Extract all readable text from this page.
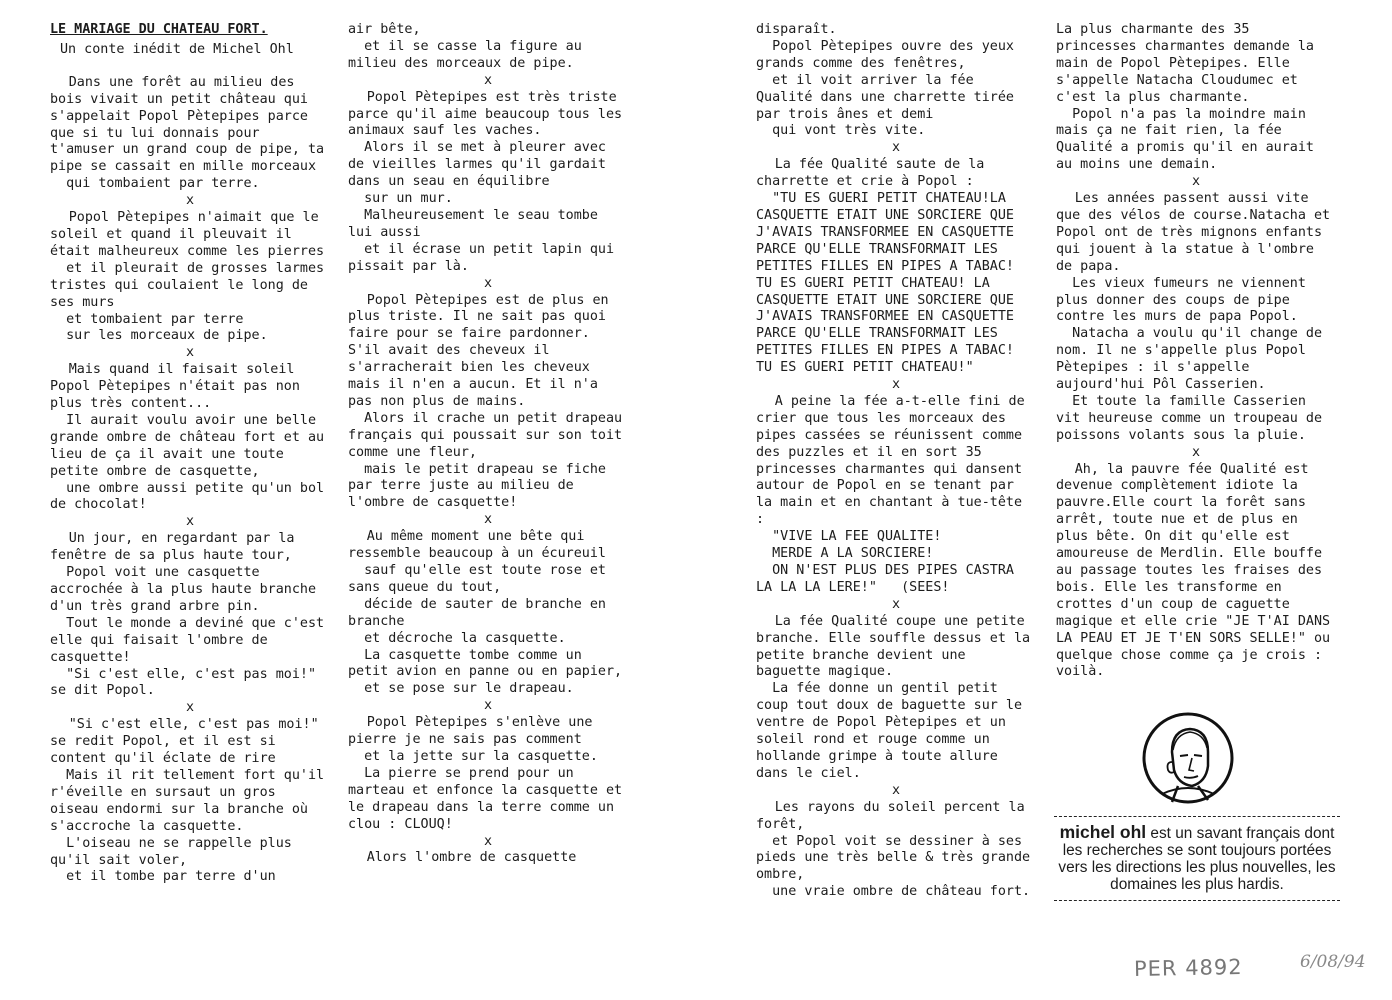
LE MARIAGE DU CHATEAU FORT.

Un conte inédit de Michel Ohl

Dans une forêt au milieu des bois vivait un petit château qui s'appelait Popol Pètepipes parce que si tu lui donnais pour t'amuser un grand coup de pipe, ta pipe se cassait en mille morceaux
qui tombaient par terre.

x

Popol Pètepipes n'aimait que le soleil et quand il pleuvait il était malheureux comme les pierres
et il pleurait de grosses larmes tristes qui coulaient le long de ses murs
et tombaient par terre
sur les morceaux de pipe.

x

Mais quand il faisait soleil Popol Pètepipes n'était pas non plus très content...
Il aurait voulu avoir une belle grande ombre de château fort et au lieu de ça il avait une toute petite ombre de casquette,
une ombre aussi petite qu'un bol de chocolat!

x

Un jour, en regardant par la fenêtre de sa plus haute tour,
Popol voit une casquette accrochée à la plus haute branche d'un très grand arbre pin.
Tout le monde a deviné que c'est elle qui faisait l'ombre de casquette!
"Si c'est elle, c'est pas moi!" se dit Popol.

x

"Si c'est elle, c'est pas moi!" se redit Popol, et il est si content qu'il éclate de rire
Mais il rit tellement fort qu'il r'éveille en sursaut un gros oiseau endormi sur la branche où s'accroche la casquette.
L'oiseau ne se rappelle plus qu'il sait voler,
et il tombe par terre d'un

air bête,
et il se casse la figure au milieu des morceaux de pipe.

x

Popol Pètepipes est très triste parce qu'il aime beaucoup tous les animaux sauf les vaches.
Alors il se met à pleurer avec de vieilles larmes qu'il gardait dans un seau en équilibre
sur un mur.
Malheureusement le seau tombe lui aussi
et il écrase un petit lapin qui pissait par là.

x

Popol Pètepipes est de plus en plus triste. Il ne sait pas quoi faire pour se faire pardonner. S'il avait des cheveux il s'arracherait bien les cheveux mais il n'en a aucun. Et il n'a pas non plus de mains.
Alors il crache un petit drapeau français qui poussait sur son toit comme une fleur,
mais le petit drapeau se fiche par terre juste au milieu de l'ombre de casquette!

x

Au même moment une bête qui ressemble beaucoup à un écureuil
sauf qu'elle est toute rose et sans queue du tout,
décide de sauter de branche en branche
et décroche la casquette.
La casquette tombe comme un petit avion en panne ou en papier,
et se pose sur le drapeau.

x

Popol Pètepipes s'enlève une pierre je ne sais pas comment
et la jette sur la casquette.
La pierre se prend pour un marteau et enfonce la casquette et le drapeau dans la terre comme un clou : CLOUQ!

x

Alors l'ombre de casquette

disparaît.
Popol Pètepipes ouvre des yeux grands comme des fenêtres,
et il voit arriver la fée Qualité dans une charrette tirée par trois ânes et demi
qui vont très vite.

x

La fée Qualité saute de la charrette et crie à Popol :
"TU ES GUERI PETIT CHATEAU!LA CASQUETTE ETAIT UNE SORCIERE QUE J'AVAIS TRANSFORMEE EN CASQUETTE PARCE QU'ELLE TRANSFORMAIT LES PETITES FILLES EN PIPES A TABAC! TU ES GUERI PETIT CHATEAU! LA CASQUETTE ETAIT UNE SORCIERE QUE J'AVAIS TRANSFORMEE EN CASQUETTE PARCE QU'ELLE TRANSFORMAIT LES PETITES FILLES EN PIPES A TABAC! TU ES GUERI PETIT CHATEAU!"

x

A peine la fée a-t-elle fini de crier que tous les morceaux des pipes cassées se réunissent comme des puzzles et il en sort 35 princesses charmantes qui dansent autour de Popol en se tenant par la main et en chantant à tue-tête :
"VIVE LA FEE QUALITE!
MERDE A LA SORCIERE!
ON N'EST PLUS DES PIPES CASTRA LA LA LA LERE!"   (SEES!

x

La fée Qualité coupe une petite branche. Elle souffle dessus et la petite branche devient une baguette magique.
La fée donne un gentil petit coup tout doux de baguette sur le ventre de Popol Pètepipes et un soleil rond et rouge comme un hollande grimpe à toute allure dans le ciel.

x

Les rayons du soleil percent la forêt,
et Popol voit se dessiner à ses pieds une très belle & très grande ombre,
une vraie ombre de château fort.

La plus charmante des 35 princesses charmantes demande la main de Popol Pètepipes. Elle s'appelle Natacha Cloudumec et c'est la plus charmante.
Popol n'a pas la moindre main mais ça ne fait rien, la fée Qualité a promis qu'il en aurait au moins une demain.

x

Les années passent aussi vite que des vélos de course.Natacha et Popol ont de très mignons enfants qui jouent à la statue à l'ombre de papa.
Les vieux fumeurs ne viennent plus donner des coups de pipe contre les murs de papa Popol.
Natacha a voulu qu'il change de nom. Il ne s'appelle plus Popol Pètepipes : il s'appelle aujourd'hui Pôl Casserien.
Et toute la famille Casserien vit heureuse comme un troupeau de poissons volants sous la pluie.

x

Ah, la pauvre fée Qualité est devenue complètement idiote la pauvre.Elle court la forêt sans arrêt, toute nue et de plus en plus bête. On dit qu'elle est amoureuse de Merdlin. Elle bouffe au passage toutes les fraises des bois. Elle les transforme en crottes d'un coup de caguette magique et elle crie "JE T'AI DANS LA PEAU ET JE T'EN SORS SELLE!" ou quelque chose comme ça je crois : voilà.

michel ohl est un savant français dont les recherches se sont toujours portées vers les directions les plus nouvelles, les domaines les plus hardis.
PER 4892	6/08/94
